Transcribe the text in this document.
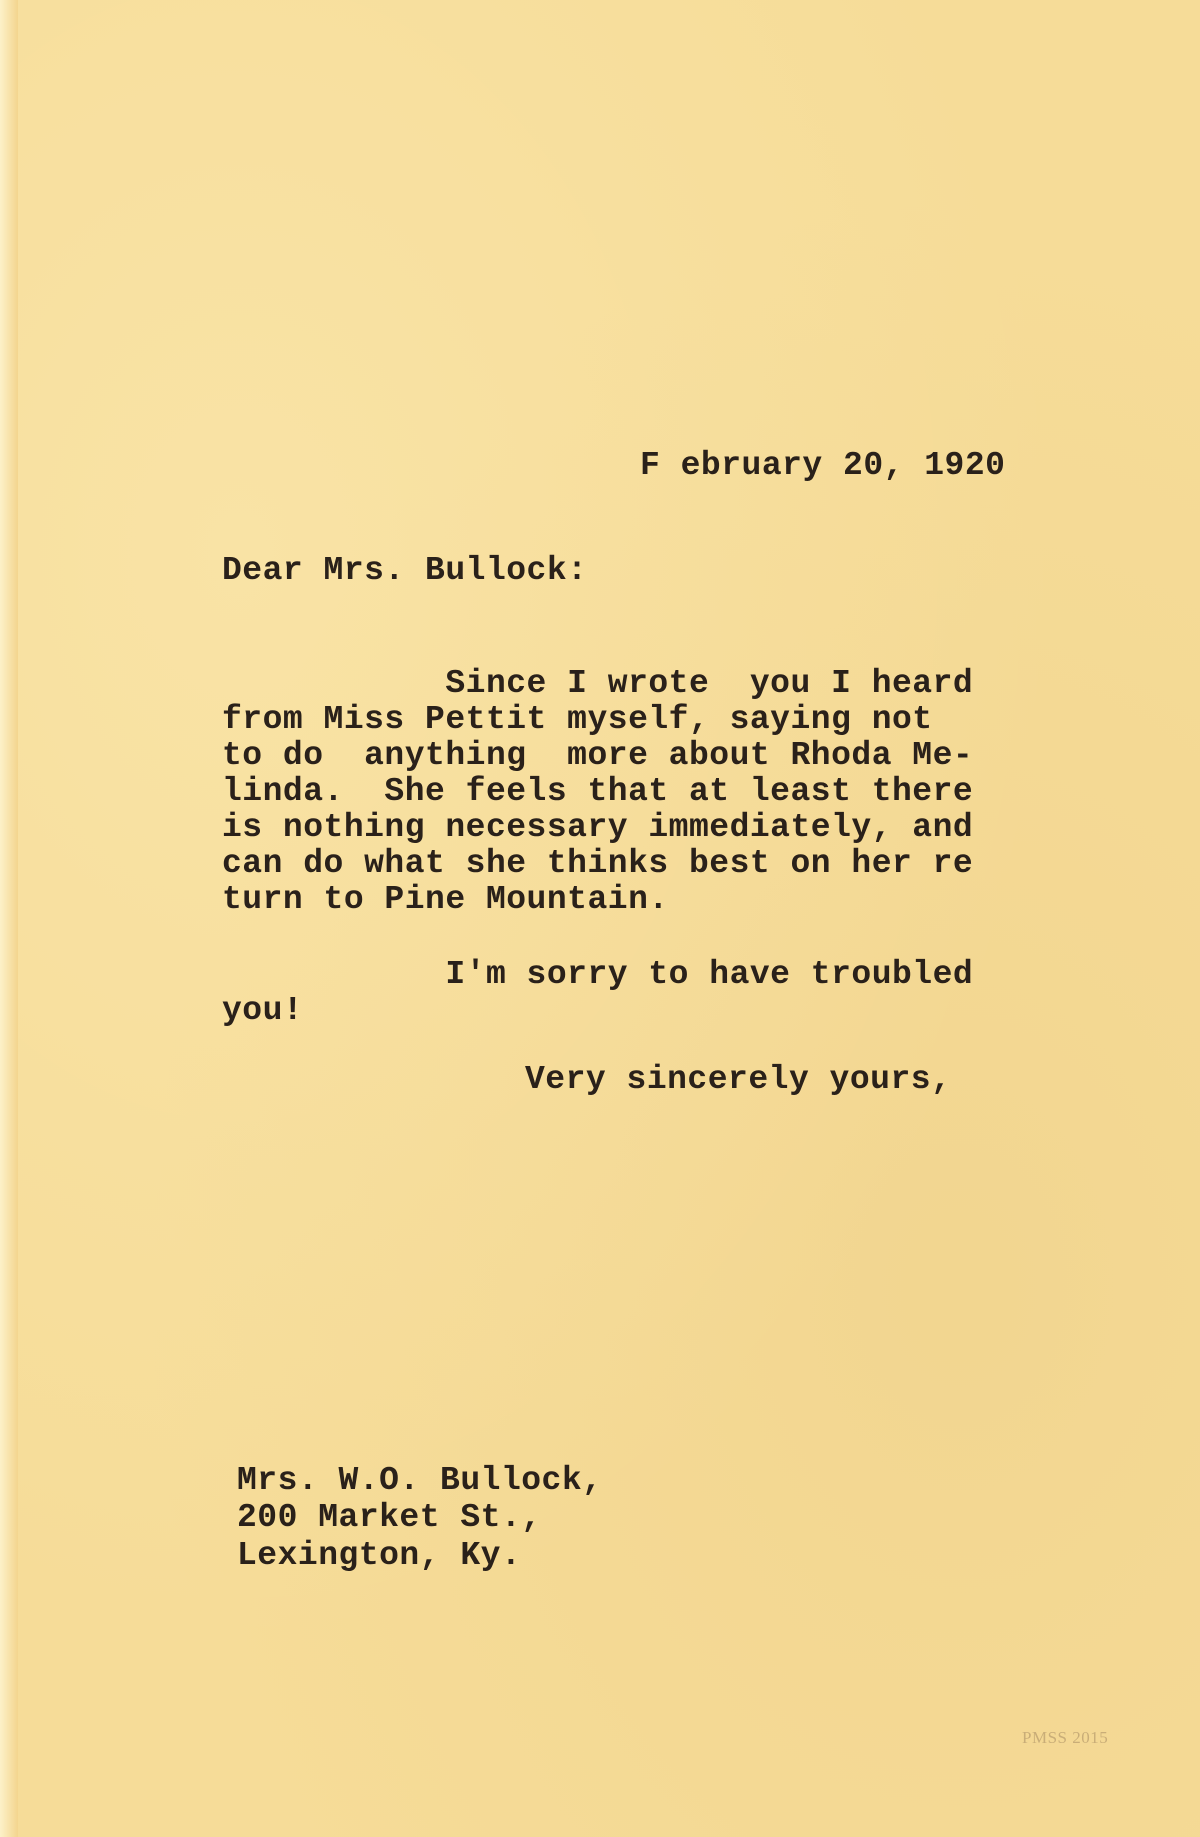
F ebruary 20, 1920
Dear Mrs. Bullock:
Since I wrote  you I heard
from Miss Pettit myself, saying not
to do  anything  more about Rhoda Me-
linda.  She feels that at least there
is nothing necessary immediately, and
can do what she thinks best on her re
turn to Pine Mountain.
I'm sorry to have troubled
you!
Very sincerely yours,
Mrs. W.O. Bullock,
200 Market St.,
Lexington, Ky.
PMSS 2015
